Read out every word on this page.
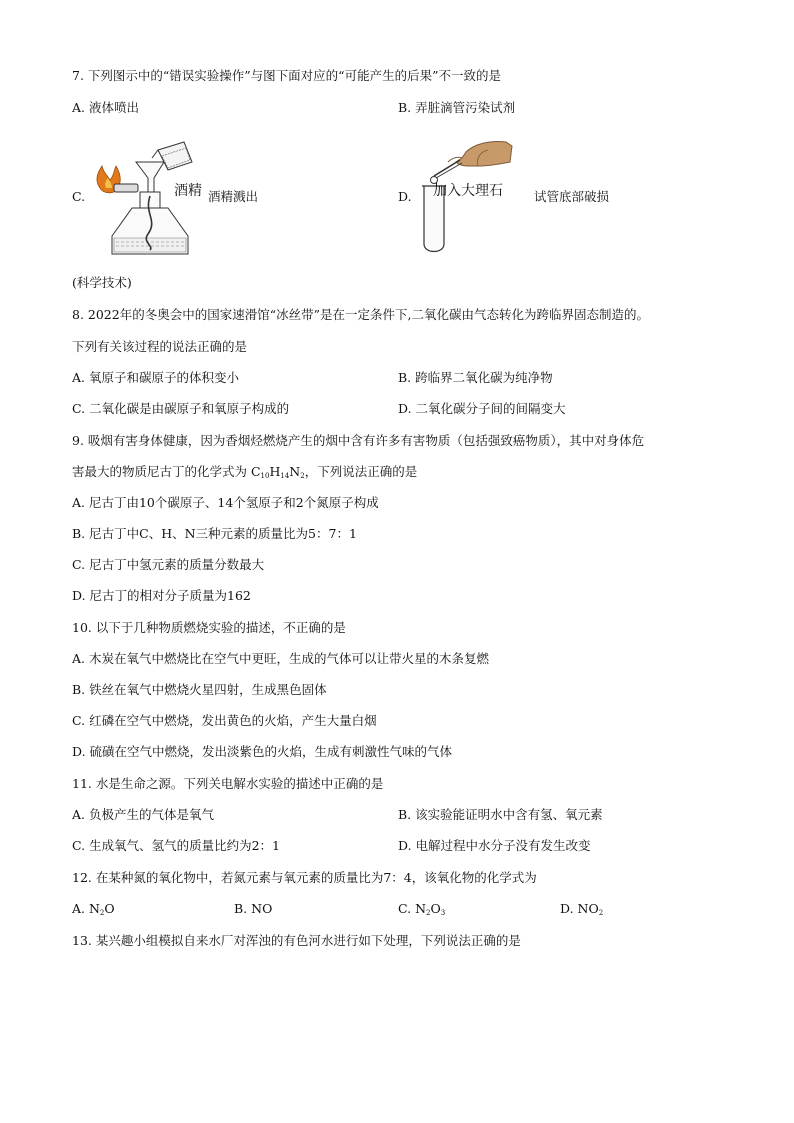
7. 下列图示中的“错误实验操作”与图下面对应的“可能产生的后果”不一致的是
A. 液体喷出	B. 弄脏滴管污染试剂
C.	酒精 酒精溅出	D. 加入大理石 试管底部破损
(科学技术)
8. 2022年的冬奥会中的国家速滑馆“冰丝带”是在一定条件下,二氧化碳由气态转化为跨临界固态制造的。
下列有关该过程的说法正确的是
A. 氧原子和碳原子的体积变小	B. 跨临界二氧化碳为纯净物
C. 二氧化碳是由碳原子和氧原子构成的	D. 二氧化碳分子间的间隔变大
9. 吸烟有害身体健康，因为香烟烃燃烧产生的烟中含有许多有害物质（包括强致癌物质），其中对身体危
害最大的物质尼古丁的化学式为 $C_{10}H_{14}N_2$，下列说法正确的是
A. 尼古丁由10个碳原子、14个氢原子和2个氮原子构成
B. 尼古丁中C、H、N三种元素的质量比为5：7：1
C. 尼古丁中氢元素的质量分数最大
D. 尼古丁的相对分子质量为162
10. 以下于几种物质燃烧实验的描述，不正确的是
A. 木炭在氧气中燃烧比在空气中更旺，生成的气体可以让带火星的木条复燃
B. 铁丝在氧气中燃烧火星四射，生成黑色固体
C. 红磷在空气中燃烧，发出黄色的火焰，产生大量白烟
D. 硫磺在空气中燃烧，发出淡紫色的火焰，生成有刺激性气味的气体
11. 水是生命之源。下列关电解水实验的描述中正确的是
A. 负极产生的气体是氧气	B. 该实验能证明水中含有氢、氧元素
C. 生成氧气、氢气的质量比约为2：1	D. 电解过程中水分子没有发生改变
12. 在某种氮的氧化物中，若氮元素与氧元素的质量比为7：4，该氧化物的化学式为
A. $N_2O$	B. NO	C. $N_2O_3$	D. $NO_2$
13. 某兴趣小组模拟自来水厂对浑浊的有色河水进行如下处理，下列说法正确的是
